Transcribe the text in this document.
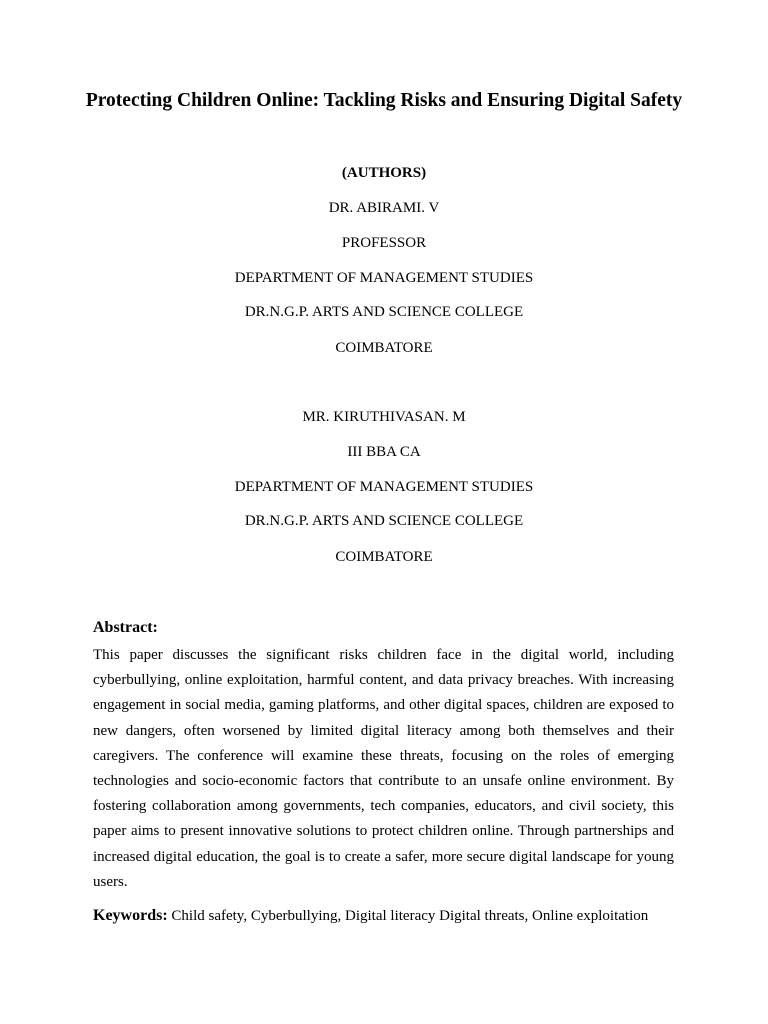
Protecting Children Online: Tackling Risks and Ensuring Digital Safety
(AUTHORS)
DR. ABIRAMI. V
PROFESSOR
DEPARTMENT OF MANAGEMENT STUDIES
DR.N.G.P. ARTS AND SCIENCE COLLEGE
COIMBATORE
MR. KIRUTHIVASAN. M
III BBA CA
DEPARTMENT OF MANAGEMENT STUDIES
DR.N.G.P. ARTS AND SCIENCE COLLEGE
COIMBATORE
Abstract:

This paper discusses the significant risks children face in the digital world, including cyberbullying, online exploitation, harmful content, and data privacy breaches. With increasing engagement in social media, gaming platforms, and other digital spaces, children are exposed to new dangers, often worsened by limited digital literacy among both themselves and their caregivers. The conference will examine these threats, focusing on the roles of emerging technologies and socio-economic factors that contribute to an unsafe online environment. By fostering collaboration among governments, tech companies, educators, and civil society, this paper aims to present innovative solutions to protect children online. Through partnerships and increased digital education, the goal is to create a safer, more secure digital landscape for young users.

Keywords: Child safety, Cyberbullying, Digital literacy Digital threats, Online exploitation
